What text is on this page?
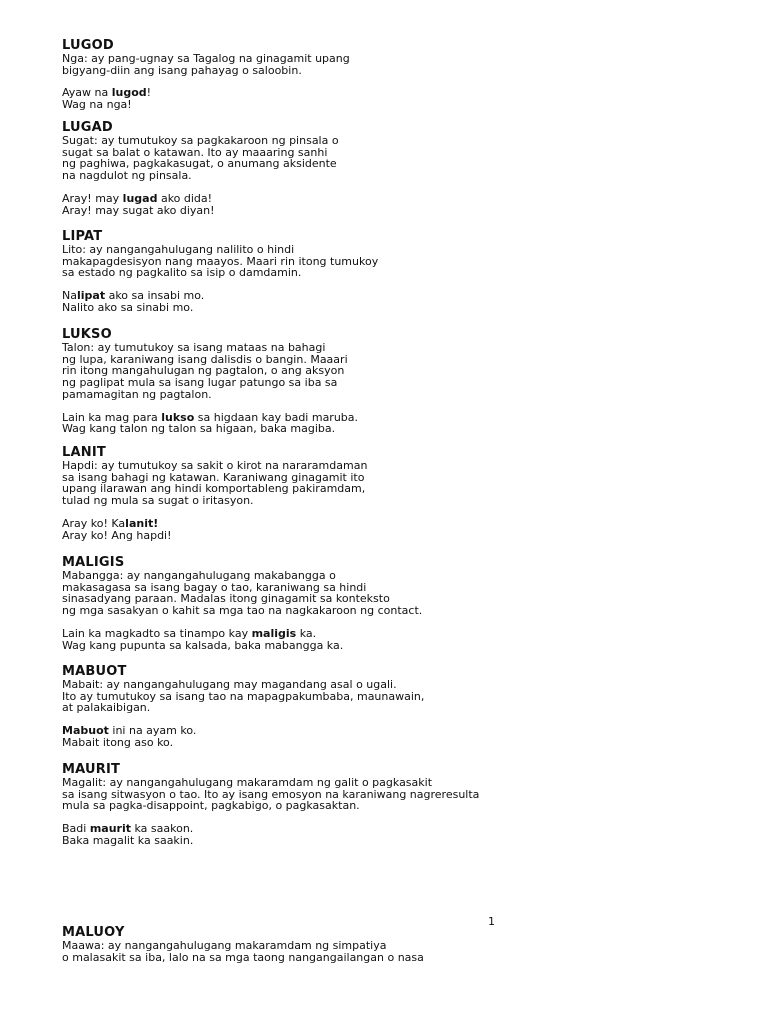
LUGOD
Nga: ay pang-ugnay sa Tagalog na ginagamit upang
bigyang-diin ang isang pahayag o saloobin.
Ayaw na lugod!
Wag na nga!
LUGAD
Sugat: ay tumutukoy sa pagkakaroon ng pinsala o
sugat sa balat o katawan. Ito ay maaaring sanhi
ng paghiwa, pagkakasugat, o anumang aksidente
na nagdulot ng pinsala.
Aray! may lugad ako dida!
Aray! may sugat ako diyan!
LIPAT
Lito: ay nangangahulugang nalilito o hindi
makapagdesisyon nang maayos. Maari rin itong tumukoy
sa estado ng pagkalito sa isip o damdamin.
Nalipat ako sa insabi mo.
Nalito ako sa sinabi mo.
LUKSO
Talon: ay tumutukoy sa isang mataas na bahagi
ng lupa, karaniwang isang dalisdis o bangin. Maaari
rin itong mangahulugan ng pagtalon, o ang aksyon
ng paglipat mula sa isang lugar patungo sa iba sa
pamamagitan ng pagtalon.
Lain ka mag para lukso sa higdaan kay badi maruba.
Wag kang talon ng talon sa higaan, baka magiba.
LANIT
Hapdi: ay tumutukoy sa sakit o kirot na nararamdaman
sa isang bahagi ng katawan. Karaniwang ginagamit ito
upang ilarawan ang hindi komportableng pakiramdam,
tulad ng mula sa sugat o iritasyon.
Aray ko! Kalanit!
Aray ko! Ang hapdi!
MALIGIS
Mabangga: ay nangangahulugang makabangga o
makasagasa sa isang bagay o tao, karaniwang sa hindi
sinasadyang paraan. Madalas itong ginagamit sa konteksto
ng mga sasakyan o kahit sa mga tao na nagkakaroon ng contact.
Lain ka magkadto sa tinampo kay maligis ka.
Wag kang pupunta sa kalsada, baka mabangga ka.
MABUOT
Mabait: ay nangangahulugang may magandang asal o ugali.
Ito ay tumutukoy sa isang tao na mapagpakumbaba, maunawain,
at palakaibigan.
Mabuot ini na ayam ko.
Mabait itong aso ko.
MAURIT
Magalit: ay nangangahulugang makaramdam ng galit o pagkasakit
sa isang sitwasyon o tao. Ito ay isang emosyon na karaniwang nagreresulta
mula sa pagka-disappoint, pagkabigo, o pagkasaktan.
Badi maurit ka saakon.
Baka magalit ka saakin.
1
MALUOY
Maawa: ay nangangahulugang makaramdam ng simpatiya
o malasakit sa iba, lalo na sa mga taong nangangailangan o nasa
